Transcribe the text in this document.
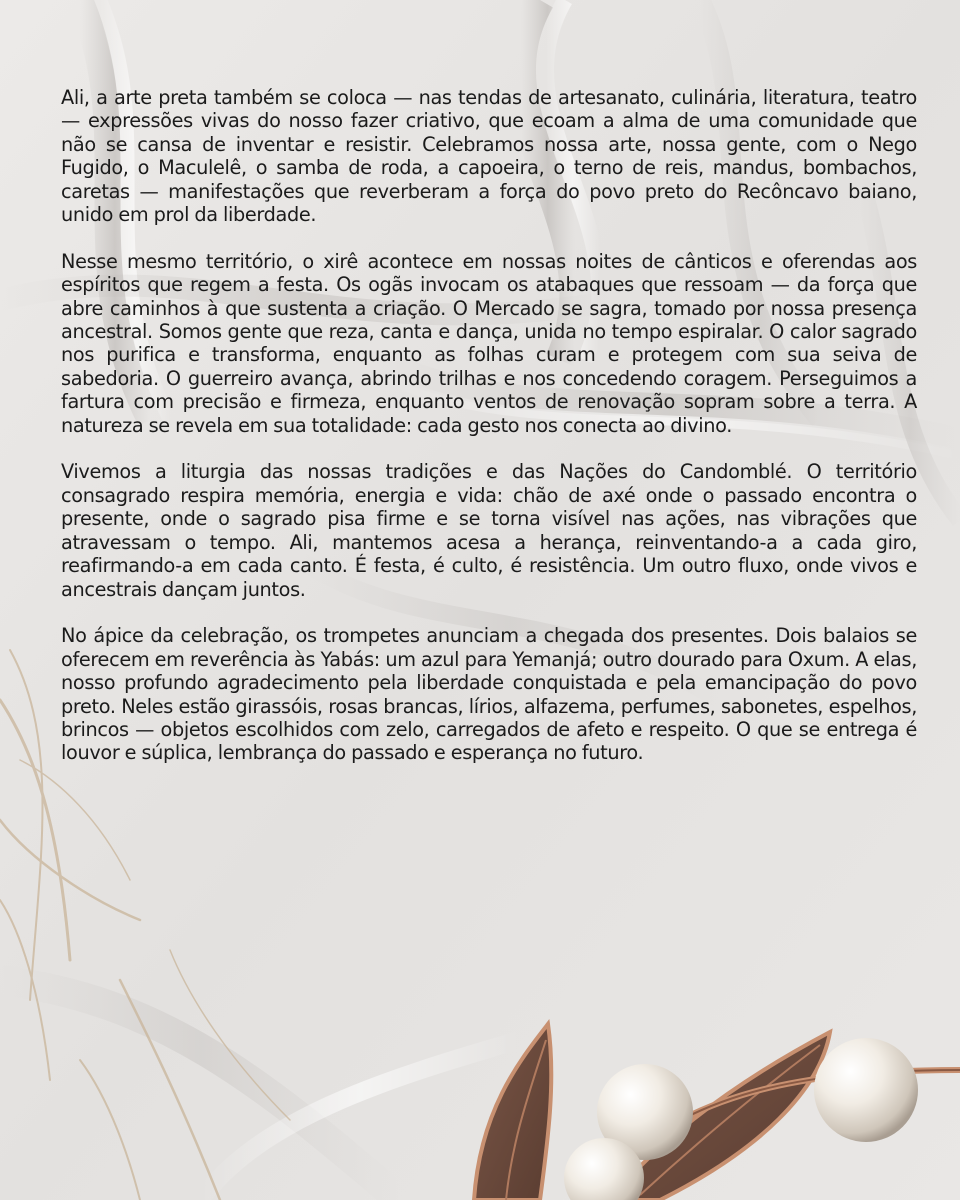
Ali, a arte preta também se coloca — nas tendas de artesanato, culinária, literatura, teatro — expressões vivas do nosso fazer criativo, que ecoam a alma de uma comunidade que não se cansa de inventar e resistir. Celebramos nossa arte, nossa gente, com o Nego Fugido, o Maculelê, o samba de roda, a capoeira, o terno de reis, mandus, bombachos, caretas — manifestações que reverberam a força do povo preto do Recôncavo baiano, unido em prol da liberdade.

Nesse mesmo território, o xirê acontece em nossas noites de cânticos e oferendas aos espíritos que regem a festa. Os ogãs invocam os atabaques que ressoam — da força que abre caminhos à que sustenta a criação. O Mercado se sagra, tomado por nossa presença ancestral. Somos gente que reza, canta e dança, unida no tempo espiralar. O calor sagrado nos purifica e transforma, enquanto as folhas curam e protegem com sua seiva de sabedoria. O guerreiro avança, abrindo trilhas e nos concedendo coragem. Perseguimos a fartura com precisão e firmeza, enquanto ventos de renovação sopram sobre a terra. A natureza se revela em sua totalidade: cada gesto nos conecta ao divino.

Vivemos a liturgia das nossas tradições e das Nações do Candomblé. O território consagrado respira memória, energia e vida: chão de axé onde o passado encontra o presente, onde o sagrado pisa firme e se torna visível nas ações, nas vibrações que atravessam o tempo. Ali, mantemos acesa a herança, reinventando-a a cada giro, reafirmando-a em cada canto. É festa, é culto, é resistência. Um outro fluxo, onde vivos e ancestrais dançam juntos.

No ápice da celebração, os trompetes anunciam a chegada dos presentes. Dois balaios se oferecem em reverência às Yabás: um azul para Yemanjá; outro dourado para Oxum. A elas, nosso profundo agradecimento pela liberdade conquistada e pela emancipação do povo preto. Neles estão girassóis, rosas brancas, lírios, alfazema, perfumes, sabonetes, espelhos, brincos — objetos escolhidos com zelo, carregados de afeto e respeito. O que se entrega é louvor e súplica, lembrança do passado e esperança no futuro.
